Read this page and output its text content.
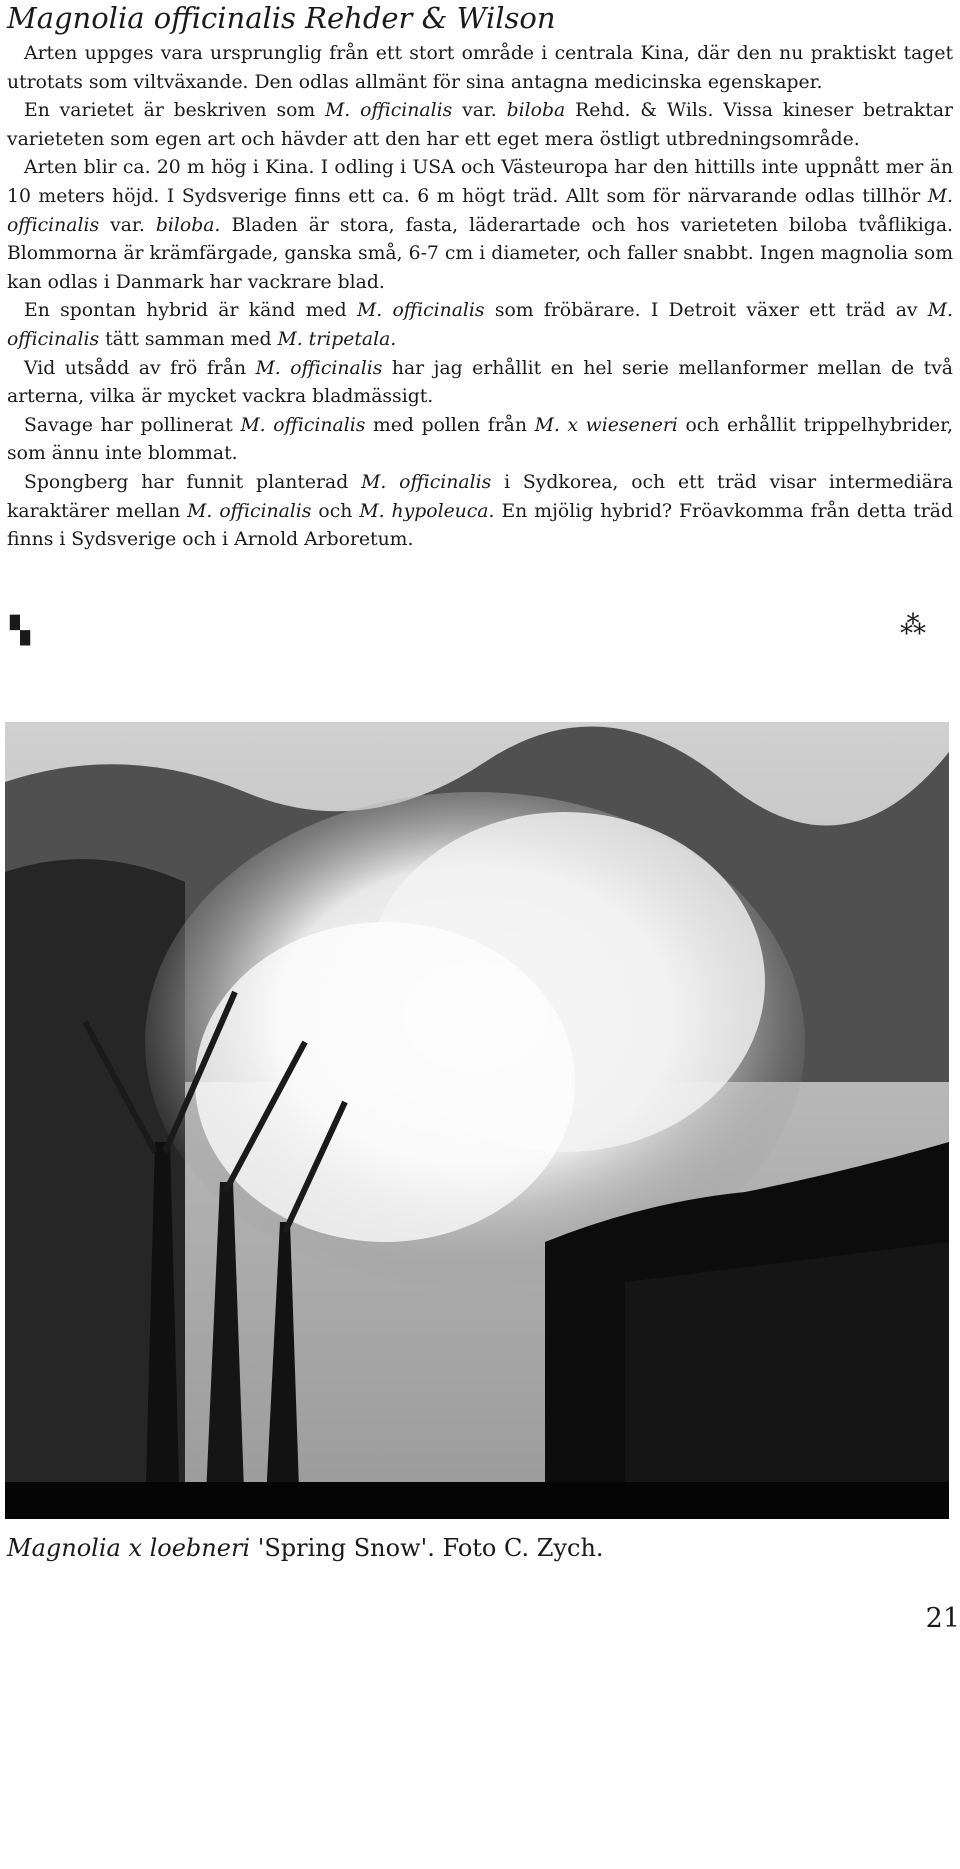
Magnolia officinalis Rehder & Wilson

Arten uppges vara ursprunglig från ett stort område i centrala Kina, där den nu praktiskt taget utrotats som viltväxande. Den odlas allmänt för sina antagna medicinska egenskaper.

En varietet är beskriven som M. officinalis var. biloba Rehd. & Wils. Vissa kineser betraktar varieteten som egen art och hävder att den har ett eget mera östligt utbredningsområde.

Arten blir ca. 20 m hög i Kina. I odling i USA och Västeuropa har den hittills inte uppnått mer än 10 meters höjd. I Sydsverige finns ett ca. 6 m högt träd. Allt som för närvarande odlas tillhör M. officinalis var. biloba. Bladen är stora, fasta, läderartade och hos varieteten biloba tvåflikiga. Blommorna är krämfärgade, ganska små, 6-7 cm i diameter, och faller snabbt. Ingen magnolia som kan odlas i Danmark har vackrare blad.

En spontan hybrid är känd med M. officinalis som fröbärare. I Detroit växer ett träd av M. officinalis tätt samman med M. tripetala.

Vid utsådd av frö från M. officinalis har jag erhållit en hel serie mellanformer mellan de två arterna, vilka är mycket vackra bladmässigt.

Savage har pollinerat M. officinalis med pollen från M. x wieseneri och erhållit trippelhybrider, som ännu inte blommat.

Spongberg har funnit planterad M. officinalis i Sydkorea, och ett träd visar intermediära karaktärer mellan M. officinalis och M. hypoleuca. En mjölig hybrid? Fröavkomma från detta träd finns i Sydsverige och i Arnold Arboretum.

▚	⁂
Magnolia x loebneri 'Spring Snow'. Foto C. Zych.
21
